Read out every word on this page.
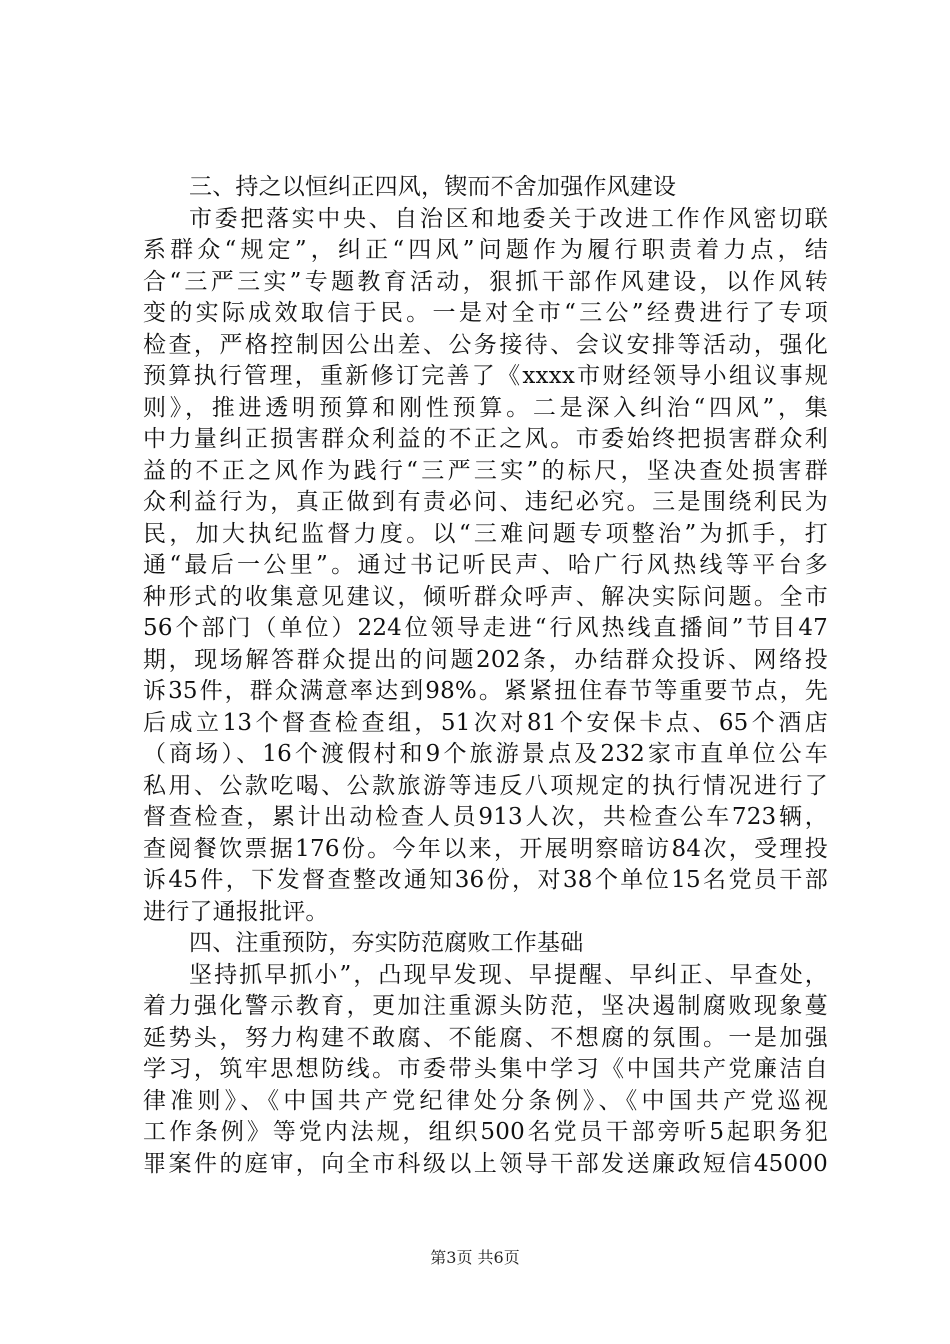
三、持之以恒纠正四风，锲而不舍加强作风建设
市委把落实中央、自治区和地委关于改进工作作风密切联
系群众“规定”，纠正“四风”问题作为履行职责着力点，结
合“三严三实”专题教育活动，狠抓干部作风建设，以作风转
变的实际成效取信于民。一是对全市“三公”经费进行了专项
检查，严格控制因公出差、公务接待、会议安排等活动，强化
预算执行管理，重新修订完善了《xxxx市财经领导小组议事规
则》，推进透明预算和刚性预算。二是深入纠治“四风”，集
中力量纠正损害群众利益的不正之风。市委始终把损害群众利
益的不正之风作为践行“三严三实”的标尺，坚决查处损害群
众利益行为，真正做到有责必问、违纪必究。三是围绕利民为
民，加大执纪监督力度。以“三难问题专项整治”为抓手，打
通“最后一公里”。通过书记听民声、哈广行风热线等平台多
种形式的收集意见建议，倾听群众呼声、解决实际问题。全市
56个部门（单位）224位领导走进“行风热线直播间”节目47
期，现场解答群众提出的问题202条，办结群众投诉、网络投
诉35件，群众满意率达到98%。紧紧扭住春节等重要节点，先
后成立13个督查检查组，51次对81个安保卡点、65个酒店
（商场）、16个渡假村和9个旅游景点及232家市直单位公车
私用、公款吃喝、公款旅游等违反八项规定的执行情况进行了
督查检查，累计出动检查人员913人次，共检查公车723辆，
查阅餐饮票据176份。今年以来，开展明察暗访84次，受理投
诉45件，下发督查整改通知36份，对38个单位15名党员干部
进行了通报批评。
四、注重预防，夯实防范腐败工作基础
坚持抓早抓小”，凸现早发现、早提醒、早纠正、早查处，
着力强化警示教育，更加注重源头防范，坚决遏制腐败现象蔓
延势头，努力构建不敢腐、不能腐、不想腐的氛围。一是加强
学习，筑牢思想防线。市委带头集中学习《中国共产党廉洁自
律准则》、《中国共产党纪律处分条例》、《中国共产党巡视
工作条例》等党内法规，组织500名党员干部旁听5起职务犯
罪案件的庭审，向全市科级以上领导干部发送廉政短信45000
第3页 共6页
